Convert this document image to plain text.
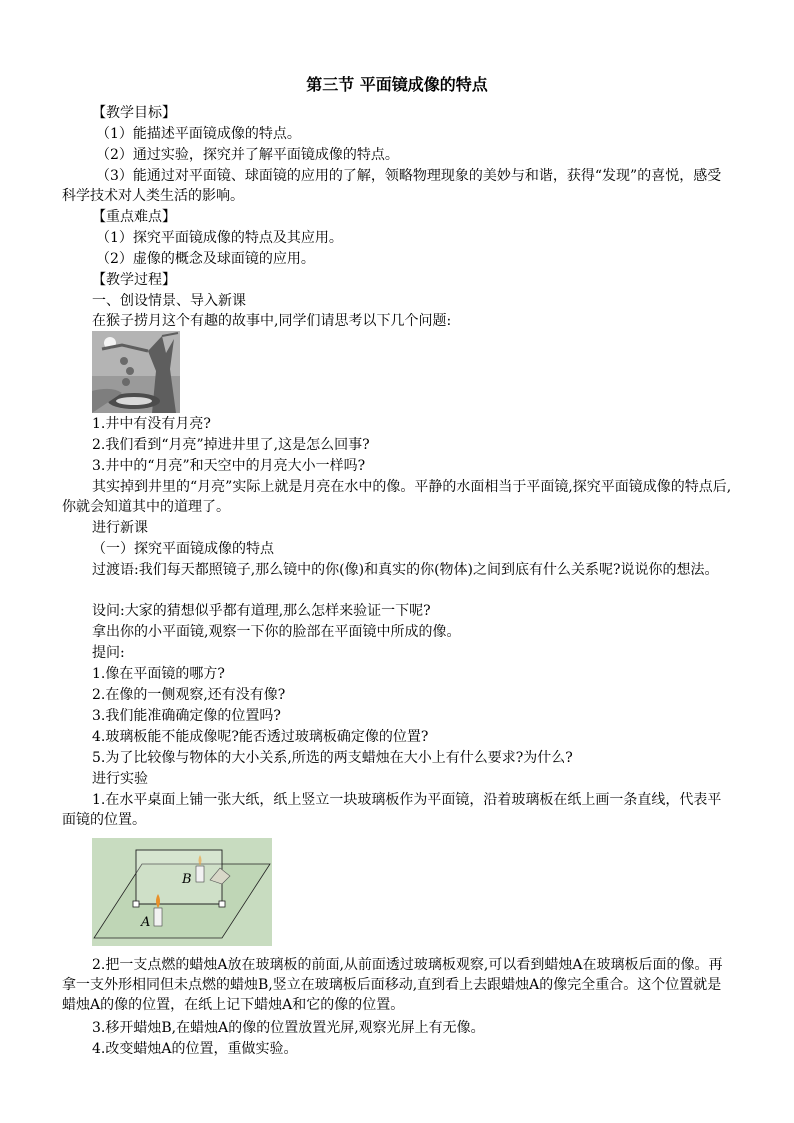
第三节 平面镜成像的特点
【教学目标】
（1）能描述平面镜成像的特点。
（2）通过实验，探究并了解平面镜成像的特点。
（3）能通过对平面镜、球面镜的应用的了解，领略物理现象的美妙与和谐，获得“发现”的喜悦，感受科学技术对人类生活的影响。
【重点难点】
（1）探究平面镜成像的特点及其应用。
（2）虚像的概念及球面镜的应用。
【教学过程】
一、创设情景、导入新课
在猴子捞月这个有趣的故事中,同学们请思考以下几个问题:
1.井中有没有月亮?
2.我们看到“月亮”掉进井里了,这是怎么回事?
3.井中的“月亮”和天空中的月亮大小一样吗?
其实掉到井里的“月亮”实际上就是月亮在水中的像。平静的水面相当于平面镜,探究平面镜成像的特点后,你就会知道其中的道理了。
进行新课
（一）探究平面镜成像的特点
过渡语:我们每天都照镜子,那么镜中的你(像)和真实的你(物体)之间到底有什么关系呢?说说你的想法。
设问:大家的猜想似乎都有道理,那么怎样来验证一下呢?
拿出你的小平面镜,观察一下你的脸部在平面镜中所成的像。
提问:
1.像在平面镜的哪方?
2.在像的一侧观察,还有没有像?
3.我们能准确确定像的位置吗?
4.玻璃板能不能成像呢?能否透过玻璃板确定像的位置?
5.为了比较像与物体的大小关系,所选的两支蜡烛在大小上有什么要求?为什么?
进行实验
1.在水平桌面上铺一张大纸，纸上竖立一块玻璃板作为平面镜，沿着玻璃板在纸上画一条直线，代表平面镜的位置。
B
A
2.把一支点燃的蜡烛A放在玻璃板的前面,从前面透过玻璃板观察,可以看到蜡烛A在玻璃板后面的像。再拿一支外形相同但未点燃的蜡烛B,竖立在玻璃板后面移动,直到看上去跟蜡烛A的像完全重合。这个位置就是蜡烛A的像的位置，在纸上记下蜡烛A和它的像的位置。
3.移开蜡烛B,在蜡烛A的像的位置放置光屏,观察光屏上有无像。
4.改变蜡烛A的位置，重做实验。
